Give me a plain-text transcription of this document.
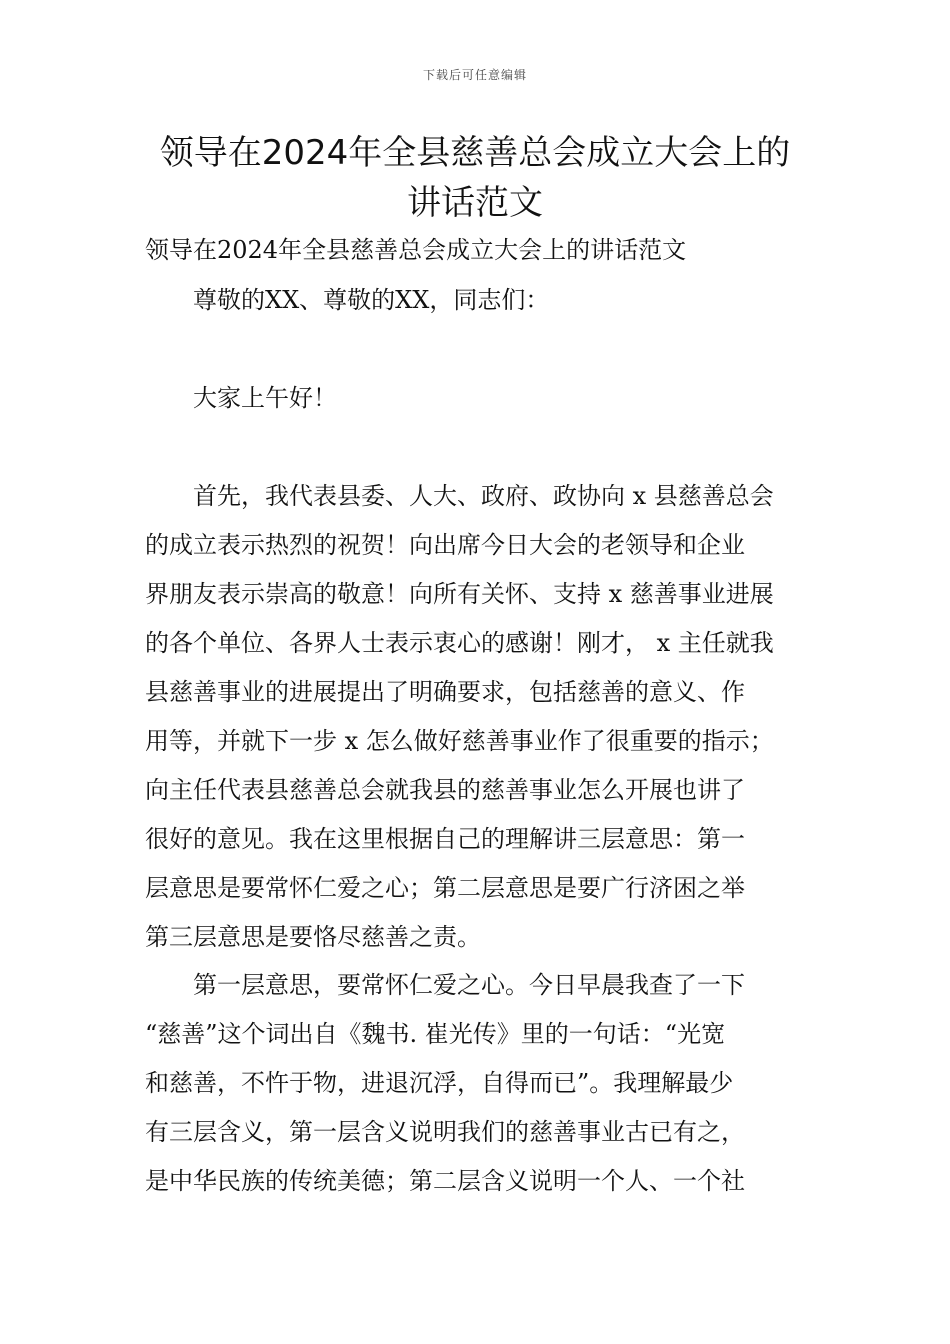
下载后可任意编辑
领导在2024年全县慈善总会成立大会上的讲话范文
领导在2024年全县慈善总会成立大会上的讲话范文
尊敬的XX、尊敬的XX，同志们：
大家上午好！
首先，我代表县委、人大、政府、政协向 x 县慈善总会
的成立表示热烈的祝贺！向出席今日大会的老领导和企业
界朋友表示崇高的敬意！向所有关怀、支持 x 慈善事业进展
的各个单位、各界人士表示衷心的感谢！刚才， x 主任就我
县慈善事业的进展提出了明确要求，包括慈善的意义、作
用等，并就下一步 x 怎么做好慈善事业作了很重要的指示；
向主任代表县慈善总会就我县的慈善事业怎么开展也讲了
很好的意见。我在这里根据自己的理解讲三层意思：第一
层意思是要常怀仁爱之心；第二层意思是要广行济困之举
第三层意思是要恪尽慈善之责。
第一层意思，要常怀仁爱之心。今日早晨我查了一下
“慈善”这个词出自《魏书. 崔光传》里的一句话：“光宽
和慈善，不忤于物，进退沉浮，自得而已”。我理解最少
有三层含义，第一层含义说明我们的慈善事业古已有之，
是中华民族的传统美德；第二层含义说明一个人、一个社
